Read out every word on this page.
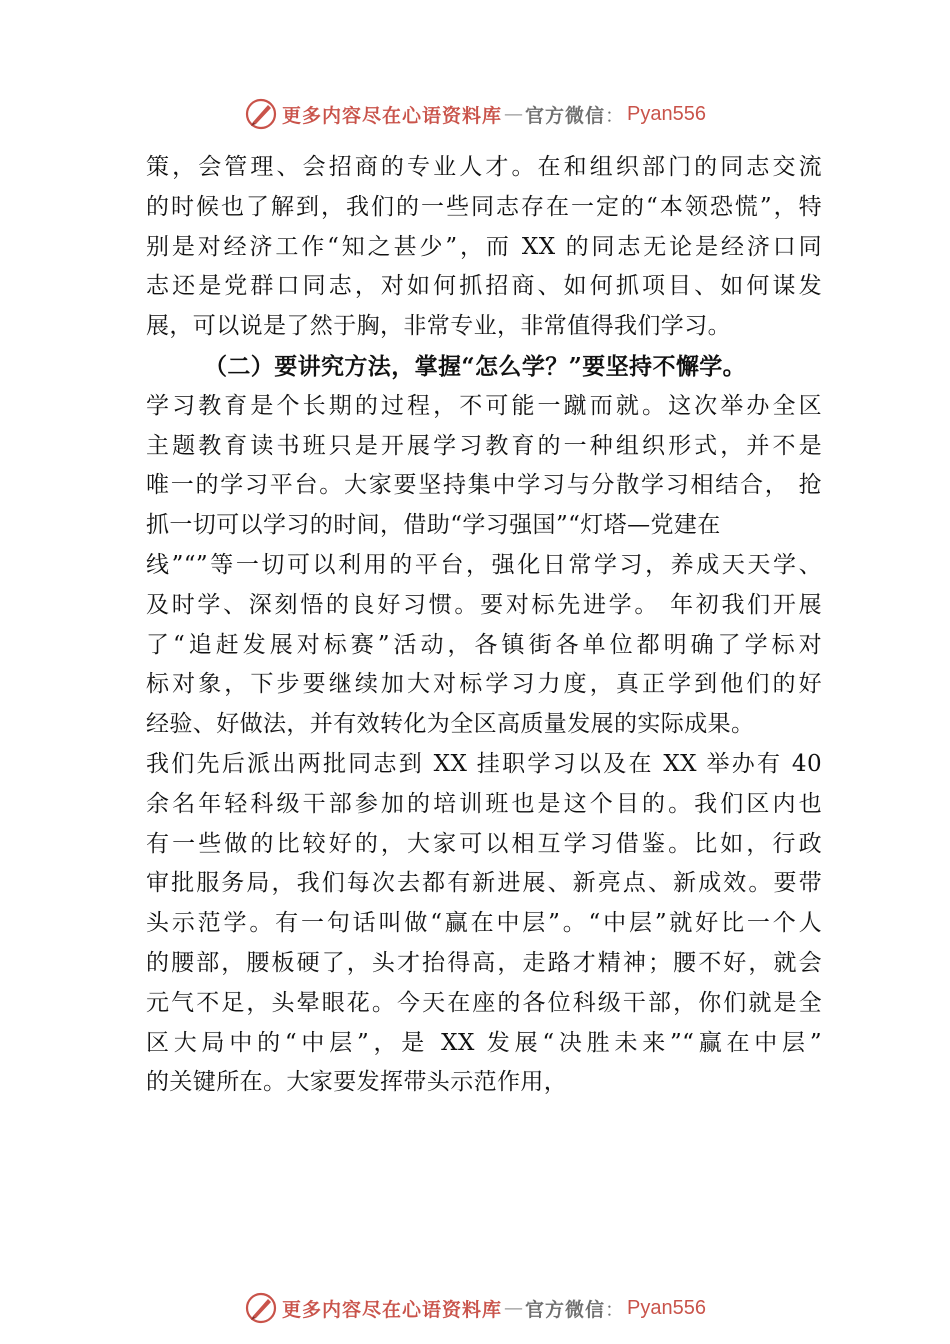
更多内容尽在心语资料库 — 官方微信 ： Pyan556
策，会管理、会招商的专业人才。在和组织部门的同志交流
的时候也了解到，我们的一些同志存在一定的“本领恐慌”，特
别是对经济工作“知之甚少”，而 XX 的同志无论是经济口同
志还是党群口同志，对如何抓招商、如何抓项目、如何谋发
展，可以说是了然于胸，非常专业，非常值得我们学习。
（二）要讲究方法，掌握“怎么学？”要坚持不懈学。
学习教育是个长期的过程，不可能一蹴而就。这次举办全区
主题教育读书班只是开展学习教育的一种组织形式，并不是
唯一的学习平台。大家要坚持集中学习与分散学习相结合， 抢
抓一切可以学习的时间，借助“学习强国”“灯塔—党建在
线”“”等一切可以利用的平台，强化日常学习，养成天天学、
及时学、深刻悟的良好习惯。要对标先进学。 年初我们开展
了“追赶发展对标赛”活动，各镇街各单位都明确了学标对
标对象，下步要继续加大对标学习力度，真正学到他们的好
经验、好做法，并有效转化为全区高质量发展的实际成果。
我们先后派出两批同志到 XX 挂职学习以及在 XX 举办有 40
余名年轻科级干部参加的培训班也是这个目的。我们区内也
有一些做的比较好的，大家可以相互学习借鉴。比如，行政
审批服务局，我们每次去都有新进展、新亮点、新成效。要带
头示范学。有一句话叫做“赢在中层”。“中层”就好比一个人
的腰部，腰板硬了，头才抬得高，走路才精神；腰不好，就会
元气不足，头晕眼花。今天在座的各位科级干部，你们就是全
区大局中的“中层”，是 XX 发展“决胜未来”“赢在中层”
的关键所在。大家要发挥带头示范作用，
更多内容尽在心语资料库 — 官方微信 ： Pyan556
